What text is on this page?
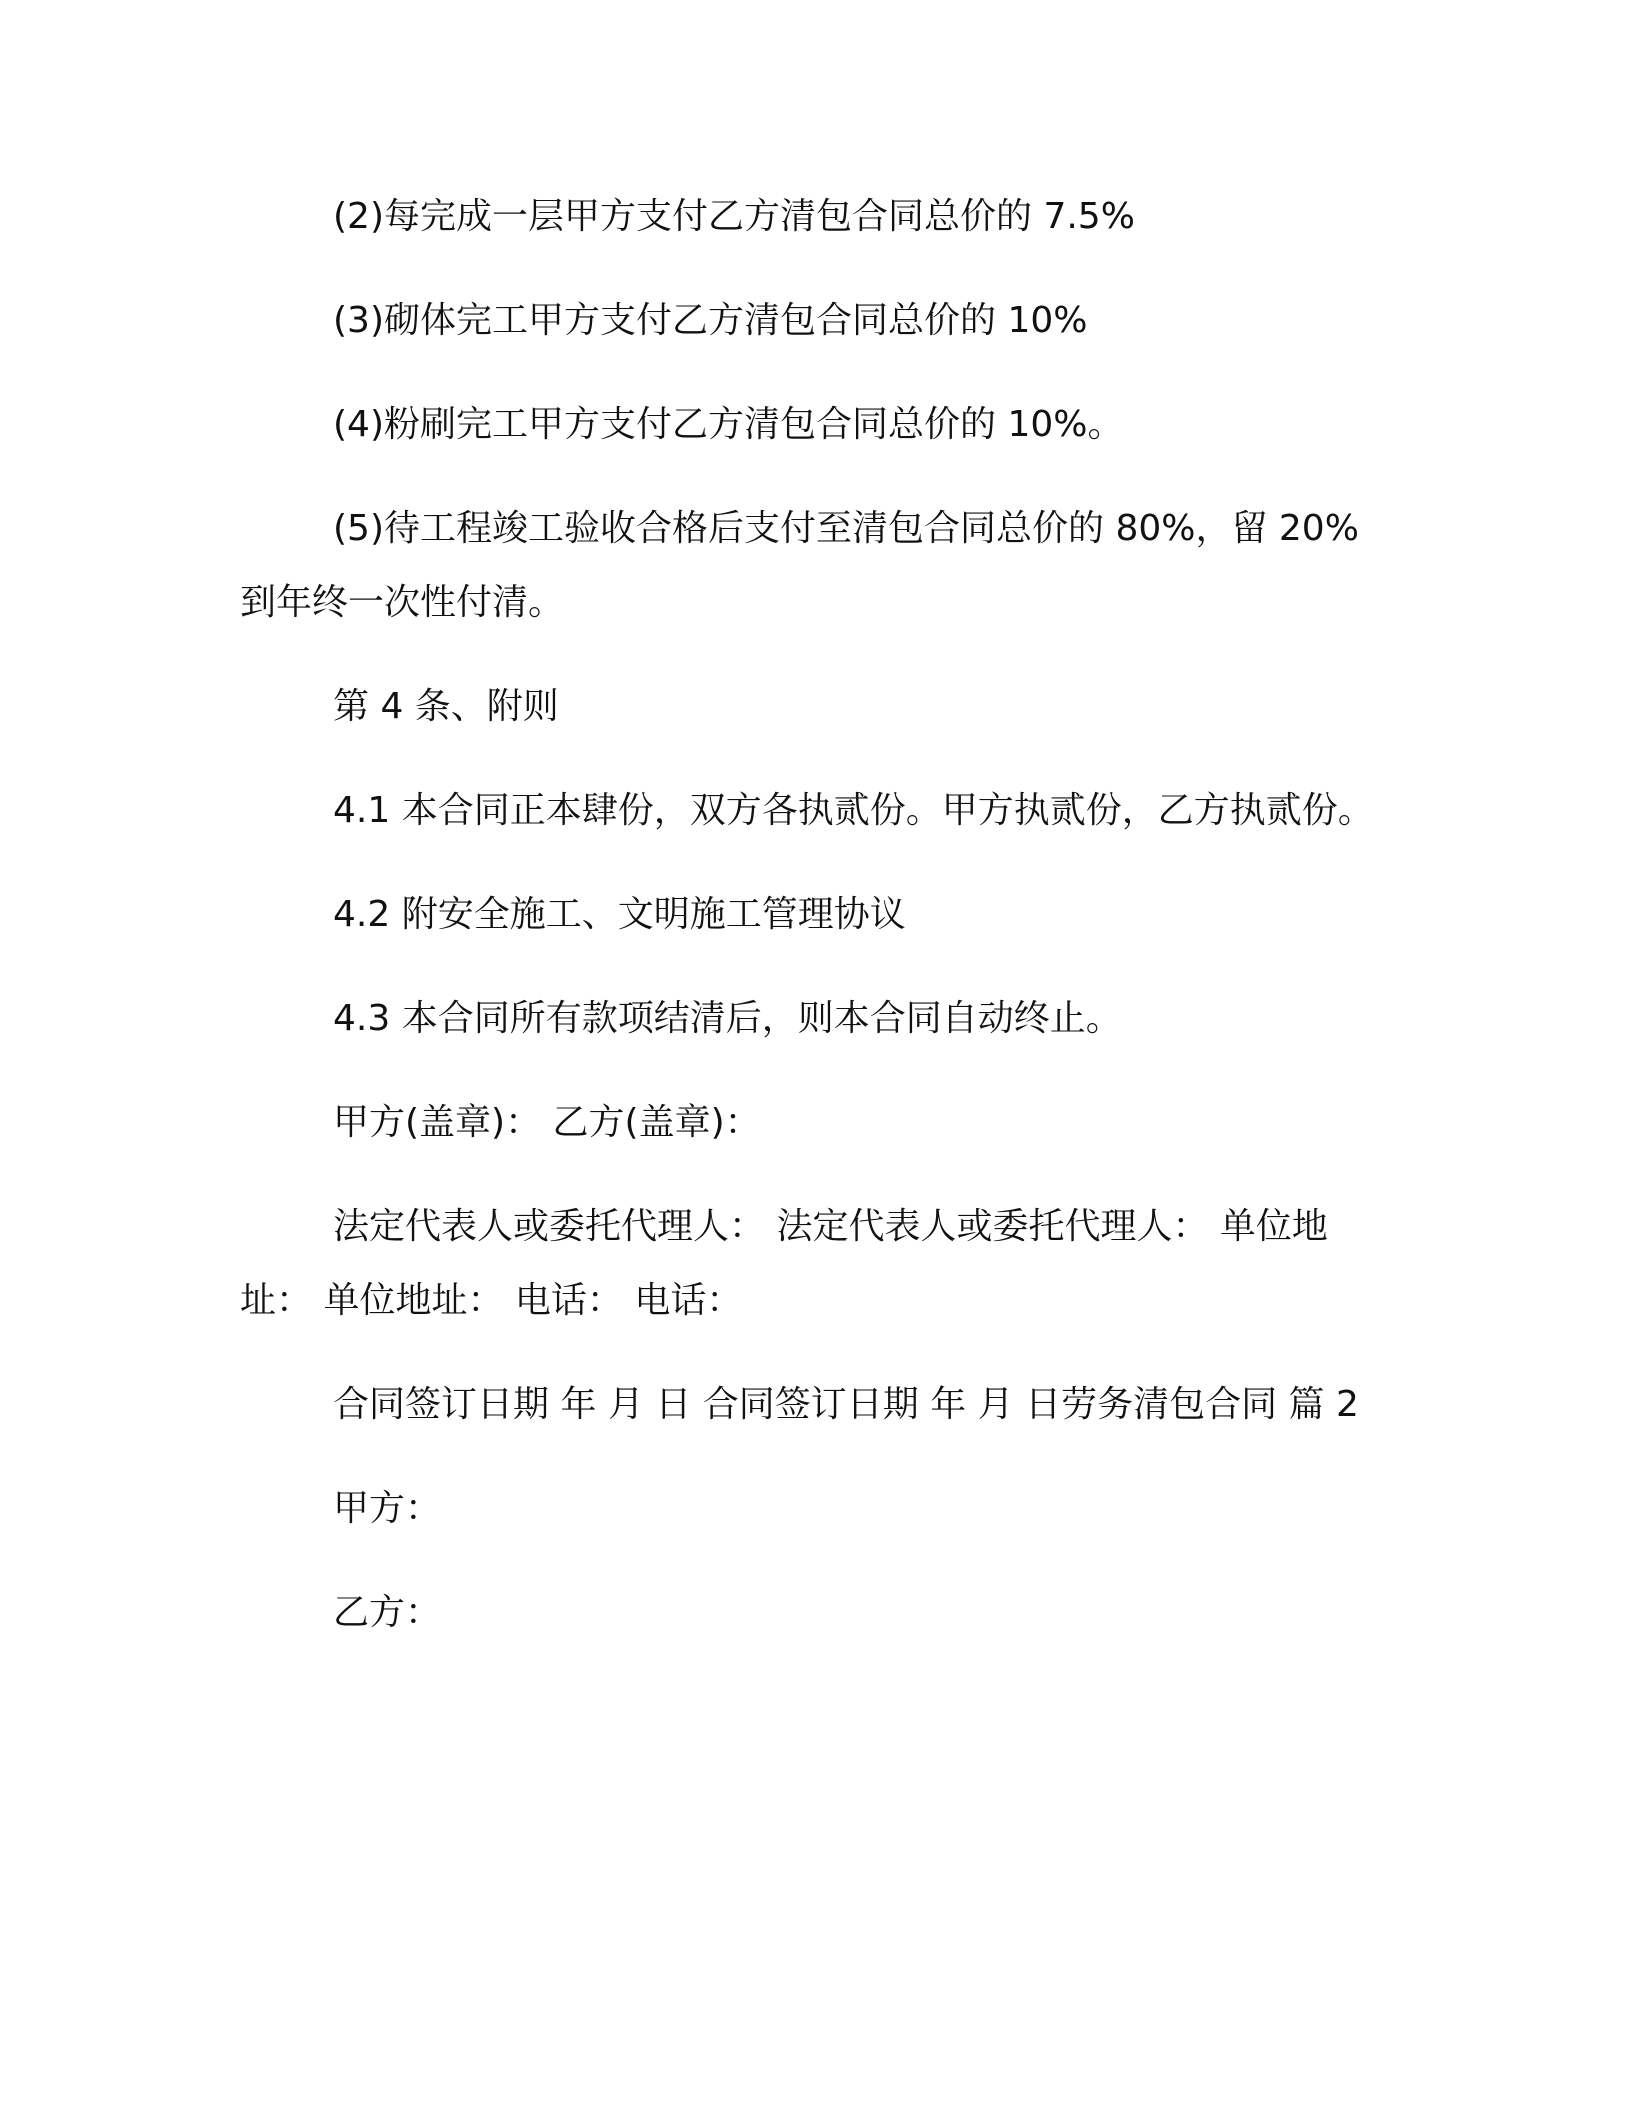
(2)每完成一层甲方支付乙方清包合同总价的 7.5%

(3)砌体完工甲方支付乙方清包合同总价的 10%

(4)粉刷完工甲方支付乙方清包合同总价的 10%。

(5)待工程竣工验收合格后支付至清包合同总价的 80%，留 20%到年终一次性付清。

第 4 条、附则

4.1 本合同正本肆份，双方各执贰份。甲方执贰份，乙方执贰份。

4.2 附安全施工、文明施工管理协议

4.3 本合同所有款项结清后，则本合同自动终止。

甲方(盖章)： 乙方(盖章)：

法定代表人或委托代理人： 法定代表人或委托代理人： 单位地址： 单位地址： 电话： 电话：

合同签订日期 年 月 日 合同签订日期 年 月 日劳务清包合同 篇 2

甲方：

乙方：
